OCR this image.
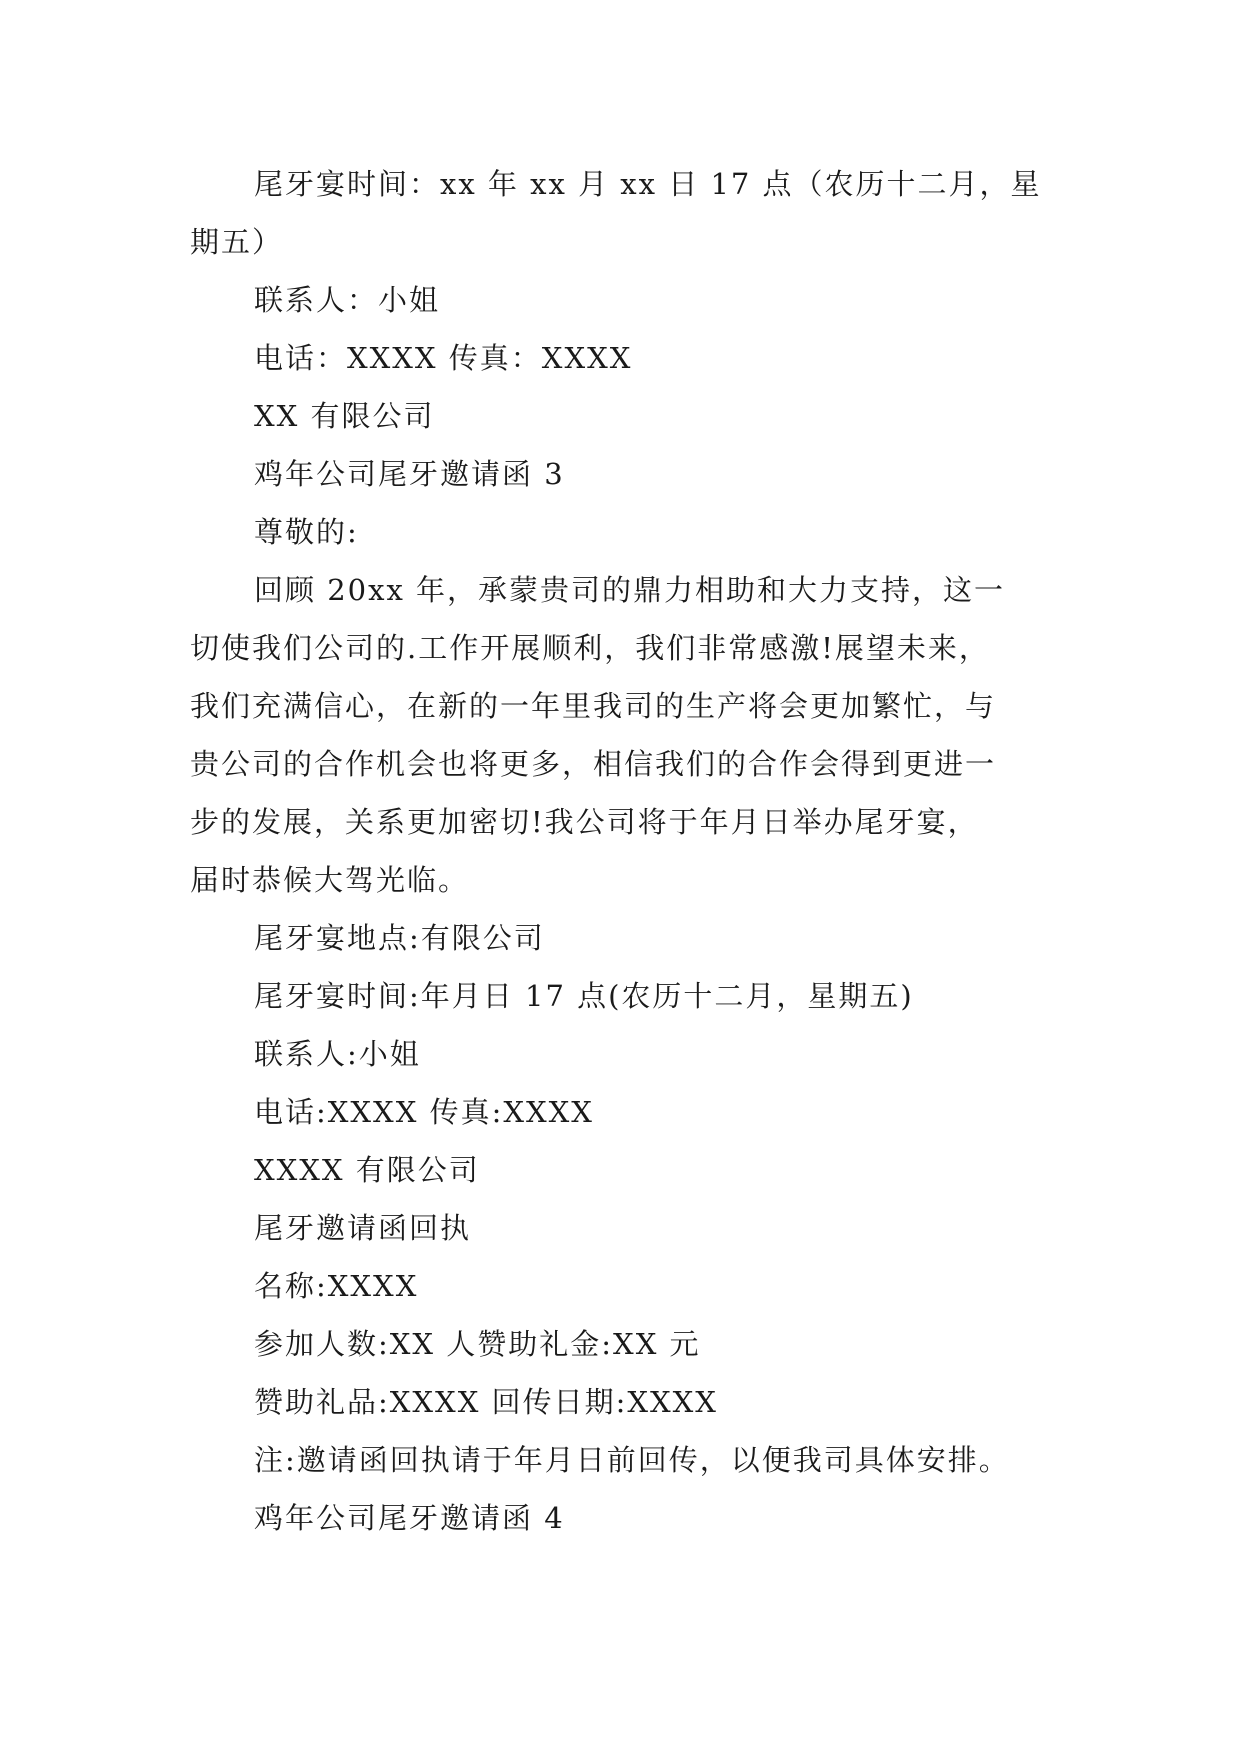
尾牙宴时间：xx 年 xx 月 xx 日 17 点（农历十二月，星

期五）

联系人：小姐

电话：XXXX 传真：XXXX

XX 有限公司

鸡年公司尾牙邀请函 3

尊敬的:

回顾 20xx 年，承蒙贵司的鼎力相助和大力支持，这一

切使我们公司的.工作开展顺利，我们非常感激!展望未来，

我们充满信心，在新的一年里我司的生产将会更加繁忙，与

贵公司的合作机会也将更多，相信我们的合作会得到更进一

步的发展，关系更加密切!我公司将于年月日举办尾牙宴，

届时恭候大驾光临。

尾牙宴地点:有限公司

尾牙宴时间:年月日 17 点(农历十二月，星期五)

联系人:小姐

电话:XXXX 传真:XXXX

XXXX 有限公司

尾牙邀请函回执

名称:XXXX

参加人数:XX 人赞助礼金:XX 元

赞助礼品:XXXX 回传日期:XXXX

注:邀请函回执请于年月日前回传，以便我司具体安排。

鸡年公司尾牙邀请函 4
